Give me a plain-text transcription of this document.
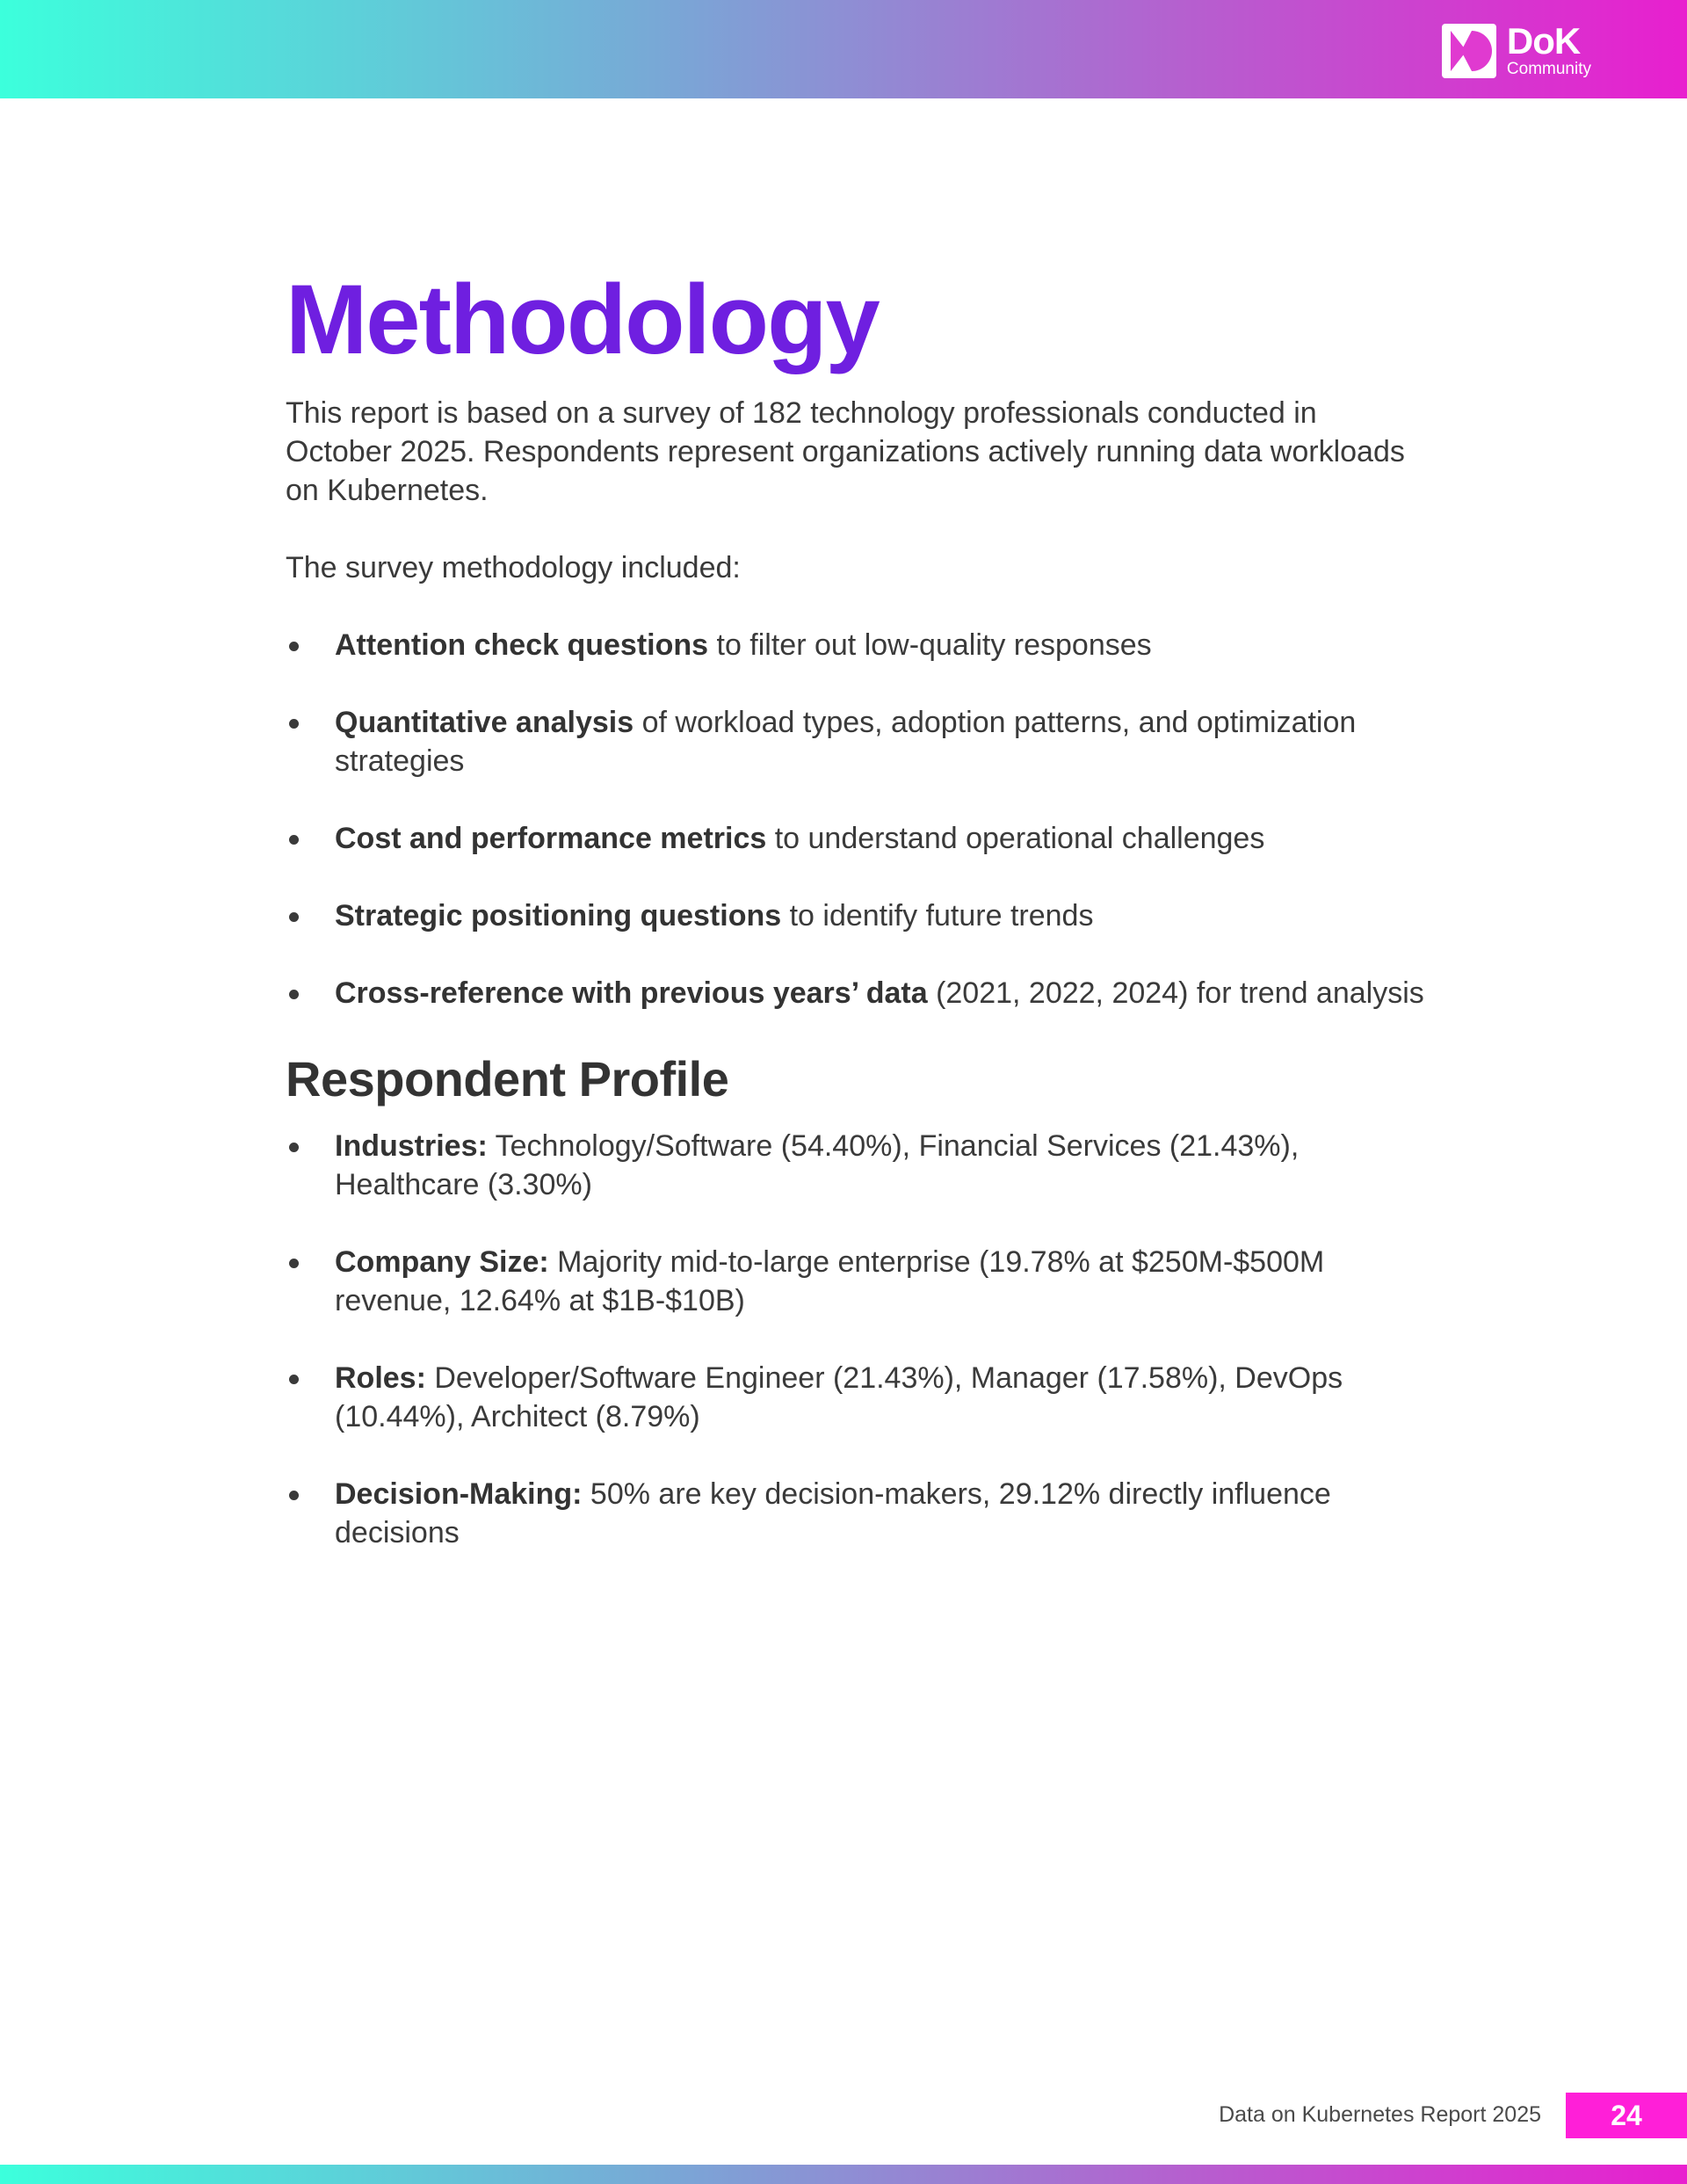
DoK
Community
Methodology

This report is based on a survey of 182 technology professionals conducted in October 2025. Respondents represent organizations actively running data workloads on Kubernetes.

The survey methodology included:

Attention check questions to filter out low-quality responses
Quantitative analysis of workload types, adoption patterns, and optimization strategies
Cost and performance metrics to understand operational challenges
Strategic positioning questions to identify future trends
Cross-reference with previous years’ data (2021, 2022, 2024) for trend analysis
Respondent Profile
Industries: Technology/Software (54.40%), Financial Services (21.43%), Healthcare (3.30%)
Company Size: Majority mid-to-large enterprise (19.78% at $250M-$500M revenue, 12.64% at $1B-$10B)
Roles: Developer/Software Engineer (21.43%), Manager (17.58%), DevOps (10.44%), Architect (8.79%)
Decision-Making: 50% are key decision-makers, 29.12% directly influence decisions
Data on Kubernetes Report 2025	24
